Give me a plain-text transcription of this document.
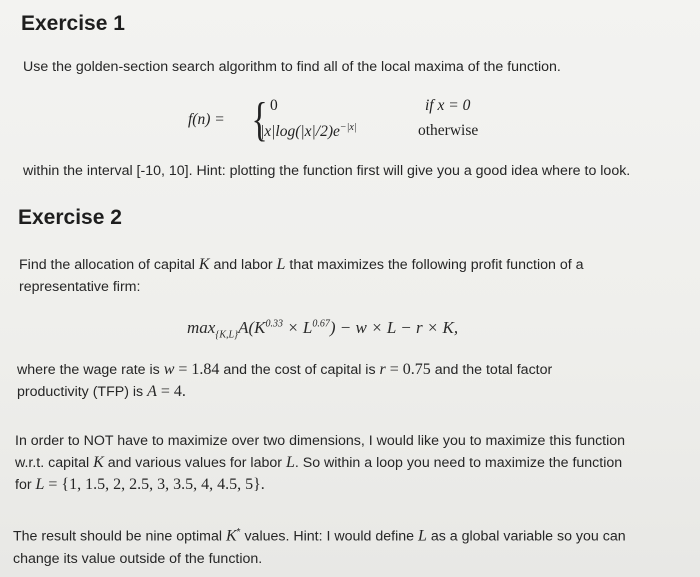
Exercise 1
Use the golden-section search algorithm to find all of the local maxima of the function.
f(n) = { 0	if x = 0
$|x|\log(|x|/2)e^{-|x|}$	otherwise
within the interval [-10, 10]. Hint: plotting the function first will give you a good idea where to look.
Exercise 2
Find the allocation of capital K and labor L that maximizes the following profit function of a
representative firm:
$\max_{\{K,L\}}A(K^{0.33} \times L^{0.67}) - w \times L - r \times K$,
where the wage rate is w = 1.84 and the cost of capital is r = 0.75 and the total factor
productivity (TFP) is A = 4.
In order to NOT have to maximize over two dimensions, I would like you to maximize this function
w.r.t. capital K and various values for labor L. So within a loop you need to maximize the function
for L = {1, 1.5, 2, 2.5, 3, 3.5, 4, 4.5, 5}.
The result should be nine optimal K* values. Hint: I would define L as a global variable so you can
change its value outside of the function.
